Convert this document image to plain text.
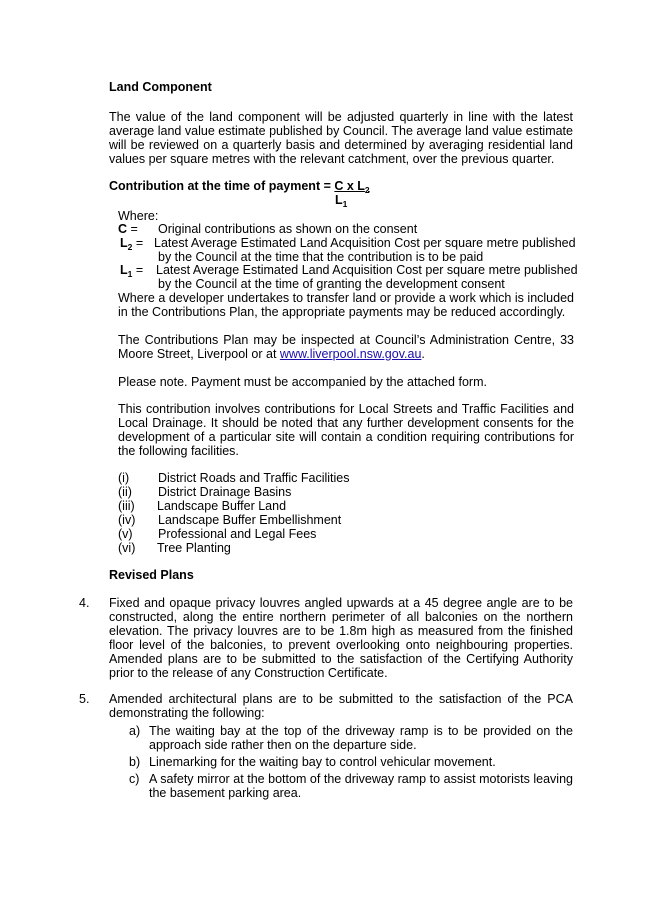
Land Component
The value of the land component will be adjusted quarterly in line with the latest average land value estimate published by Council. The average land value estimate will be reviewed on a quarterly basis and determined by averaging residential land values per square metres with the relevant catchment, over the previous quarter.
Contribution at the time of payment = C x $L_2$
$L_1$
Where:
C = Original contributions as shown on the consent
$L_2$ = Latest Average Estimated Land Acquisition Cost per square metre published
by the Council at the time that the contribution is to be paid
$L_1$ = Latest Average Estimated Land Acquisition Cost per square metre published
by the Council at the time of granting the development consent
Where a developer undertakes to transfer land or provide a work which is included in the Contributions Plan, the appropriate payments may be reduced accordingly.
The Contributions Plan may be inspected at Council’s Administration Centre, 33 Moore Street, Liverpool or at www.liverpool.nsw.gov.au.
Please note. Payment must be accompanied by the attached form.
This contribution involves contributions for Local Streets and Traffic Facilities and Local Drainage. It should be noted that any further development consents for the development of a particular site will contain a condition requiring contributions for the following facilities.
(i) District Roads and Traffic Facilities
(ii) District Drainage Basins
(iii) Landscape Buffer Land
(iv) Landscape Buffer Embellishment
(v) Professional and Legal Fees
(vi) Tree Planting
Revised Plans
4. Fixed and opaque privacy louvres angled upwards at a 45 degree angle are to be constructed, along the entire northern perimeter of all balconies on the northern elevation. The privacy louvres are to be 1.8m high as measured from the finished floor level of the balconies, to prevent overlooking onto neighbouring properties. Amended plans are to be submitted to the satisfaction of the Certifying Authority prior to the release of any Construction Certificate.
5. Amended architectural plans are to be submitted to the satisfaction of the PCA demonstrating the following:
a) The waiting bay at the top of the driveway ramp is to be provided on the approach side rather then on the departure side.
b) Linemarking for the waiting bay to control vehicular movement.
c) A safety mirror at the bottom of the driveway ramp to assist motorists leaving the basement parking area.
